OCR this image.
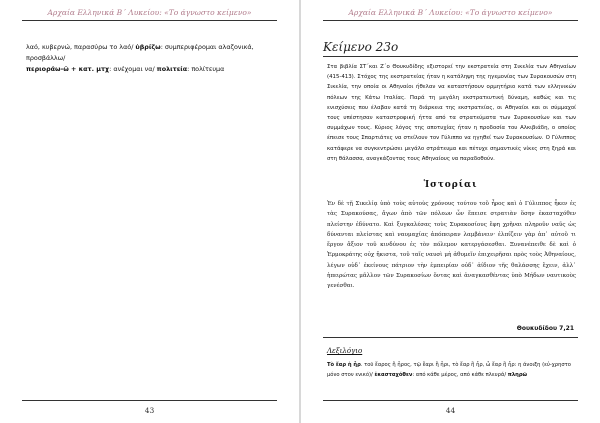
Αρχαία Ελληνικά Β΄ Λυκείου: «Το άγνωστο κείμενο»
λαό, κυβερνώ, παρασύρω το λαό/ ὑβρίζω: συμπεριφέρομαι αλαζονικά, προσβάλλω/
περιοράω-ῶ + κατ. μτχ: ανέχομαι να/ πολιτεία: πολίτευμα
43
Αρχαία Ελληνικά Β΄ Λυκείου: «Το άγνωστο κείμενο»
Κείμενο 23ο
Στα βιβλία ΣΤ΄και Ζ΄ο Θουκυδίδης εξιστορεί την εκστρατεία στη Σικελία των Αθηναίων (415-413). Στόχος της εκστρατείας ήταν η κατάληψη της ηγεμονίας των Συρακουσών στη Σικελία, την οποία οι Αθηναίοι ήθελαν να καταστήσουν ορμητήριο κατά των ελληνικών πόλεων της Κάτω Ιταλίας. Παρά τη μεγάλη εκστρατευτική δύναμη, καθώς και τις ενισχύσεις που έλαβαν κατά τη διάρκεια της εκστρατείας, οι Αθηναίοι και οι σύμμαχοί τους υπέστησαν καταστροφική ήττα από τα στρατεύματα των Συρακουσίων και των συμμάχων τους. Κύριος λόγος της αποτυχίας ήταν η προδοσία του Αλκιβιάδη, ο οποίος έπεισε τους Σπαρτιάτες να στείλουν τον Γύλιππο να ηγηθεί των Συρακουσίων. Ο Γύλιππος κατάφερε να συγκεντρώσει μεγάλο στράτευμα και πέτυχε σημαντικές νίκες στη ξηρά και στη θάλασσα, αναγκάζοντας τους Αθηναίους να παραδοθούν.
Ἱστορίαι
Ἐν δὲ τῇ Σικελίᾳ ὑπὸ τοὺς αὐτοὺς χρόνους τούτου τοῦ ἦρος καὶ ὁ Γύλιππος ἧκεν ἐς τὰς Συρακούσας, ἄγων ἀπὸ τῶν πόλεων ὧν ἔπεισε στρατιὰν ὅσην ἑκασταχόθεν πλείστην ἐδύνατο. Καὶ ξυγκαλέσας τοὺς Συρακοσίους ἔφη χρῆναι πληροῦν ναῦς ὡς δύνανται πλείστας καὶ ναυμαχίας ἀπόπειραν λαμβάνειν· ἐλπίζειν γὰρ ἀπ᾽ αὐτοῦ τι ἔργον ἄξιον τοῦ κινδύνου ἐς τὸν πόλεμον κατεργάσεσθαι. Ξυνανέπειθε δὲ καὶ ὁ Ἑρμοκράτης οὐχ ἥκιστα, τοῦ ταῖς ναυσὶ μὴ ἀθυμεῖν ἐπιχειρῆσαι πρὸς τοὺς Ἀθηναίους, λέγων οὐδ᾽ ἐκείνους πάτριον τὴν ἐμπειρίαν οὐδ᾽ ἀίδιον τῆς θαλάσσης ἔχειν, ἀλλ᾽ ἠπειρώτας μᾶλλον τῶν Συρακοσίων ὄντας καὶ ἀναγκασθέντας ὑπὸ Μήδων ναυτικοὺς γενέσθαι.
Θουκυδίδου 7,21
Λεξιλόγιο
Τὸ ἔαρ ἡ ἦρ. τοῦ ἔαρος ἢ ἦρος, τῷ ἔαρι ἢ ἦρι, τὸ ἔαρ ἢ ἦρ, ὦ ἔαρ ἢ ἦρ: η άνοιξη (εὐ-χρηστο μόνο στον ενικό)/ ἑκασταχόθεν: από κάθε μέρος, από κάθε πλευρά/ πληρῶ
44
